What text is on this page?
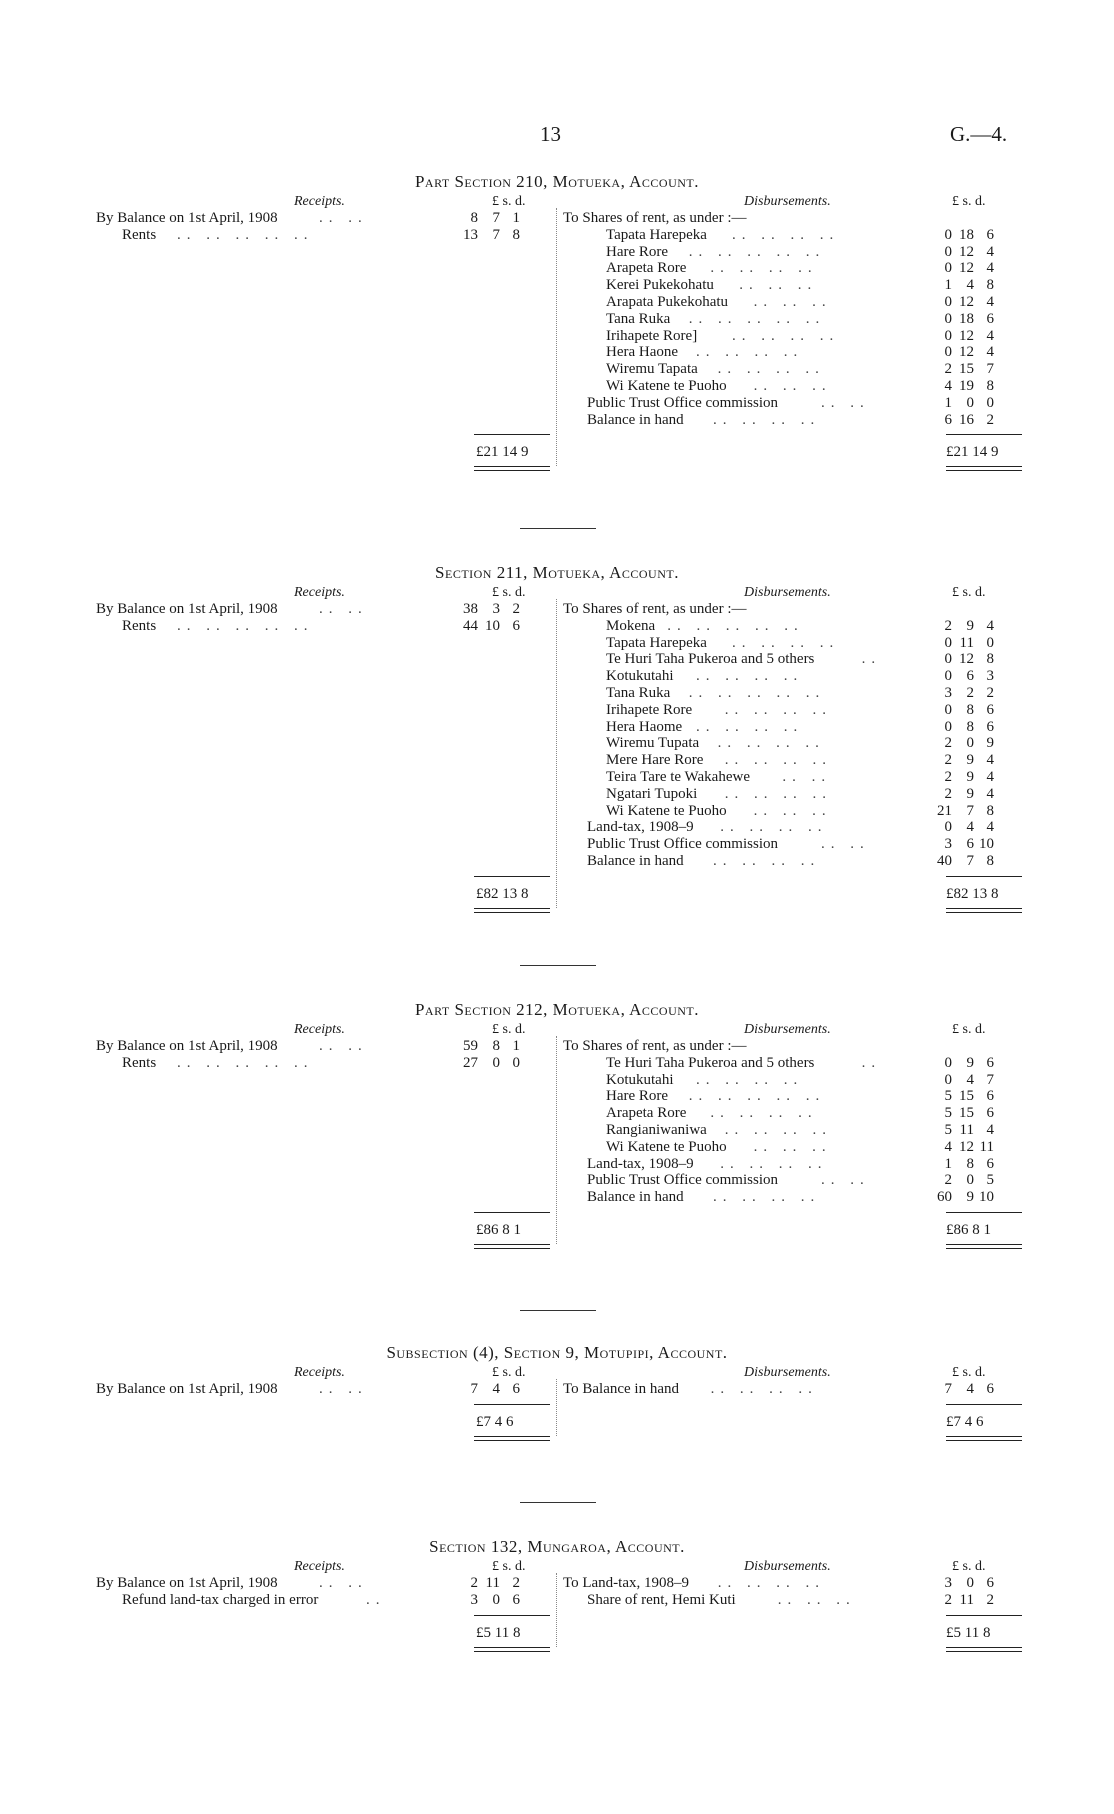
13	G.—4.
Part Section 210, Motueka, Account.
Receipts.	£ s. d.	Disbursements.	£ s. d.
By Balance on 1st April, 1908	.. ..	8 7 1
Rents .. .. .. .. ..	13 7 8
To Shares of rent, as under :—
Tapata Harepeka .. .. .. ..	0 18 6
Hare Rore .. .. .. .. ..	0 12 4
Arapeta Rore .. .. .. ..	0 12 4
Kerei Pukekohatu .. .. ..	1 4 8
Arapata Pukekohatu .. .. ..	0 12 4
Tana Ruka .. .. .. .. ..	0 18 6
Irihapete Rore] .. .. .. ..	0 12 4
Hera Haone .. .. .. ..	0 12 4
Wiremu Tapata .. .. .. ..	2 15 7
Wi Katene te Puoho .. .. ..	4 19 8
Public Trust Office commission	.. ..	1 0 0
Balance in hand .. .. .. ..	6 16 2
£21 14 9	£21 14 9
Section 211, Motueka, Account.
Receipts.	£ s. d.	Disbursements.	£ s. d.
By Balance on 1st April, 1908	.. ..	38 3 2
Rents .. .. .. .. ..	44 10 6
To Shares of rent, as under :—
Mokena .. .. .. .. ..	2 9 4
Tapata Harepeka .. .. .. ..	0 11 0
Te Huri Taha Pukeroa and 5 others	..	0 12 8
Kotukutahi .. .. .. ..	0 6 3
Tana Ruka .. .. .. .. ..	3 2 2
Irihapete Rore .. .. .. ..	0 8 6
Hera Haome .. .. .. ..	0 8 6
Wiremu Tupata .. .. .. ..	2 0 9
Mere Hare Rore .. .. .. ..	2 9 4
Teira Tare te Wakahewe .. ..	2 9 4
Ngatari Tupoki .. .. .. ..	2 9 4
Wi Katene te Puoho .. .. ..	21 7 8
Land-tax, 1908–9 .. .. .. ..	0 4 4
Public Trust Office commission	.. ..	3 6 10
Balance in hand .. .. .. ..	40 7 8
£82 13 8	£82 13 8
Part Section 212, Motueka, Account.
Receipts.	£ s. d.	Disbursements.	£ s. d.
By Balance on 1st April, 1908	.. ..	59 8 1
Rents .. .. .. .. ..	27 0 0
To Shares of rent, as under :—
Te Huri Taha Pukeroa and 5 others	..	0 9 6
Kotukutahi .. .. .. ..	0 4 7
Hare Rore .. .. .. .. ..	5 15 6
Arapeta Rore .. .. .. ..	5 15 6
Rangianiwaniwa .. .. .. ..	5 11 4
Wi Katene te Puoho .. .. ..	4 12 11
Land-tax, 1908–9 .. .. .. ..	1 8 6
Public Trust Office commission	.. ..	2 0 5
Balance in hand .. .. .. ..	60 9 10
£86 8 1	£86 8 1
Subsection (4), Section 9, Motupipi, Account.
Receipts.	£ s. d.	Disbursements.	£ s. d.
By Balance on 1st April, 1908	.. ..	7 4 6	To Balance in hand .. .. .. ..	7 4 6
£7 4 6	£7 4 6
Section 132, Mungaroa, Account.
Receipts.	£ s. d.	Disbursements.	£ s. d.
By Balance on 1st April, 1908	.. ..	2 11 2
Refund land-tax charged in error	..	3 0 6
To Land-tax, 1908–9 .. .. .. ..	3 0 6
Share of rent, Hemi Kuti	.. .. ..	2 11 2
£5 11 8	£5 11 8
